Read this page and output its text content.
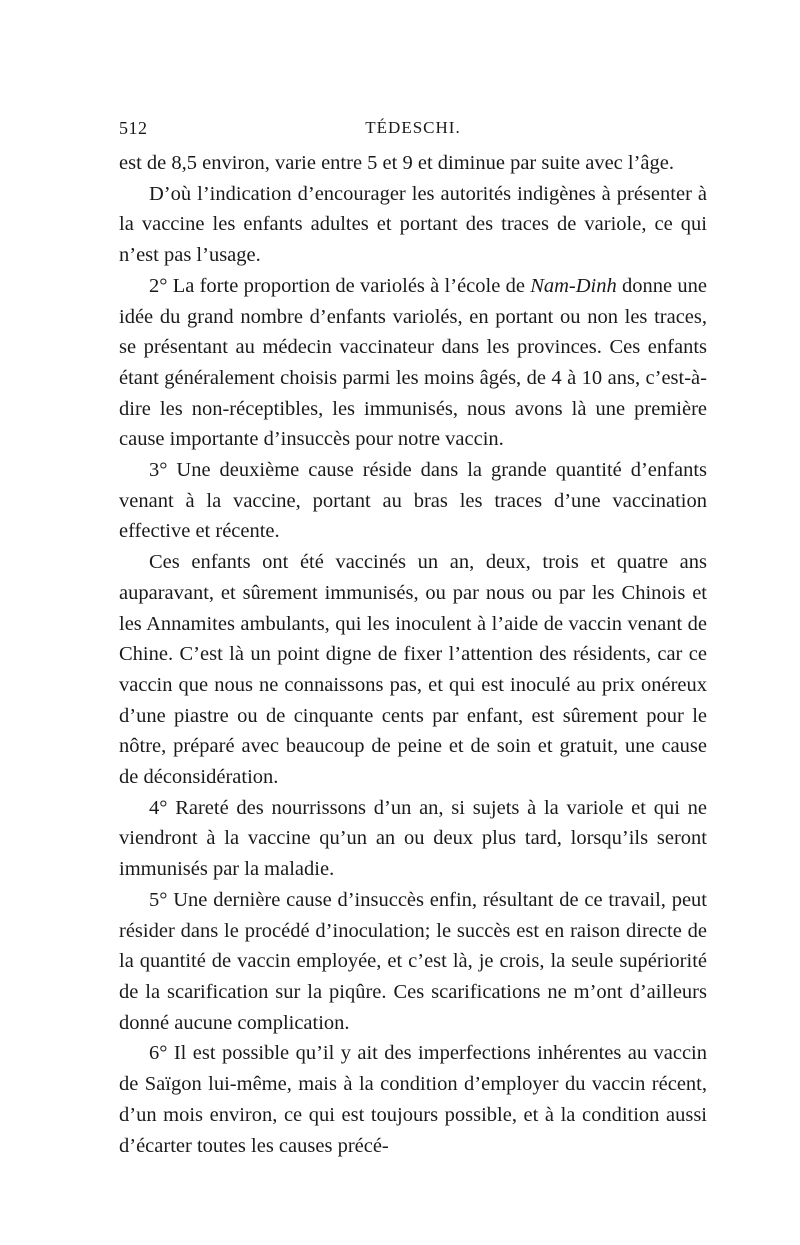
512	TÉDESCHI.

est de 8,5 environ, varie entre 5 et 9 et diminue par suite avec l’âge.

D’où l’indication d’encourager les autorités indigènes à présenter à la vaccine les enfants adultes et portant des traces de variole, ce qui n’est pas l’usage.

2° La forte proportion de variolés à l’école de Nam-Dinh donne une idée du grand nombre d’enfants variolés, en portant ou non les traces, se présentant au médecin vaccinateur dans les provinces. Ces enfants étant généralement choisis parmi les moins âgés, de 4 à 10 ans, c’est-à-dire les non-réceptibles, les immunisés, nous avons là une première cause importante d’insuccès pour notre vaccin.

3° Une deuxième cause réside dans la grande quantité d’enfants venant à la vaccine, portant au bras les traces d’une vaccination effective et récente.

Ces enfants ont été vaccinés un an, deux, trois et quatre ans auparavant, et sûrement immunisés, ou par nous ou par les Chinois et les Annamites ambulants, qui les inoculent à l’aide de vaccin venant de Chine. C’est là un point digne de fixer l’attention des résidents, car ce vaccin que nous ne connaissons pas, et qui est inoculé au prix onéreux d’une piastre ou de cinquante cents par enfant, est sûrement pour le nôtre, préparé avec beaucoup de peine et de soin et gratuit, une cause de déconsidération.

4° Rareté des nourrissons d’un an, si sujets à la variole et qui ne viendront à la vaccine qu’un an ou deux plus tard, lorsqu’ils seront immunisés par la maladie.

5° Une dernière cause d’insuccès enfin, résultant de ce travail, peut résider dans le procédé d’inoculation; le succès est en raison directe de la quantité de vaccin employée, et c’est là, je crois, la seule supériorité de la scarification sur la piqûre. Ces scarifications ne m’ont d’ailleurs donné aucune complication.

6° Il est possible qu’il y ait des imperfections inhérentes au vaccin de Saïgon lui-même, mais à la condition d’employer du vaccin récent, d’un mois environ, ce qui est toujours possible, et à la condition aussi d’écarter toutes les causes précé-
